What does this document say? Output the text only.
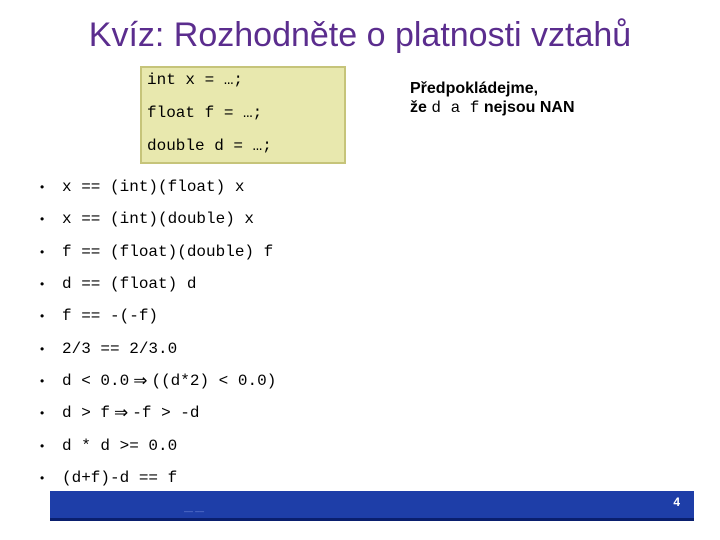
Kvíz: Rozhodněte o platnosti vztahů
int x = …;
float f = …;
double d = …;
Předpokládejme,
že d a f nejsou NAN
•	x == (int)(float) x
•	x == (int)(double) x
•	f == (float)(double) f
•	d == (float) d
•	f == -(-f)
•	2/3 == 2/3.0
•	d < 0.0 ⇒ ((d*2) < 0.0)
•	d > f ⇒ -f > -d
•	d * d >= 0.0
•	(d+f)-d == f
–– ––
4
